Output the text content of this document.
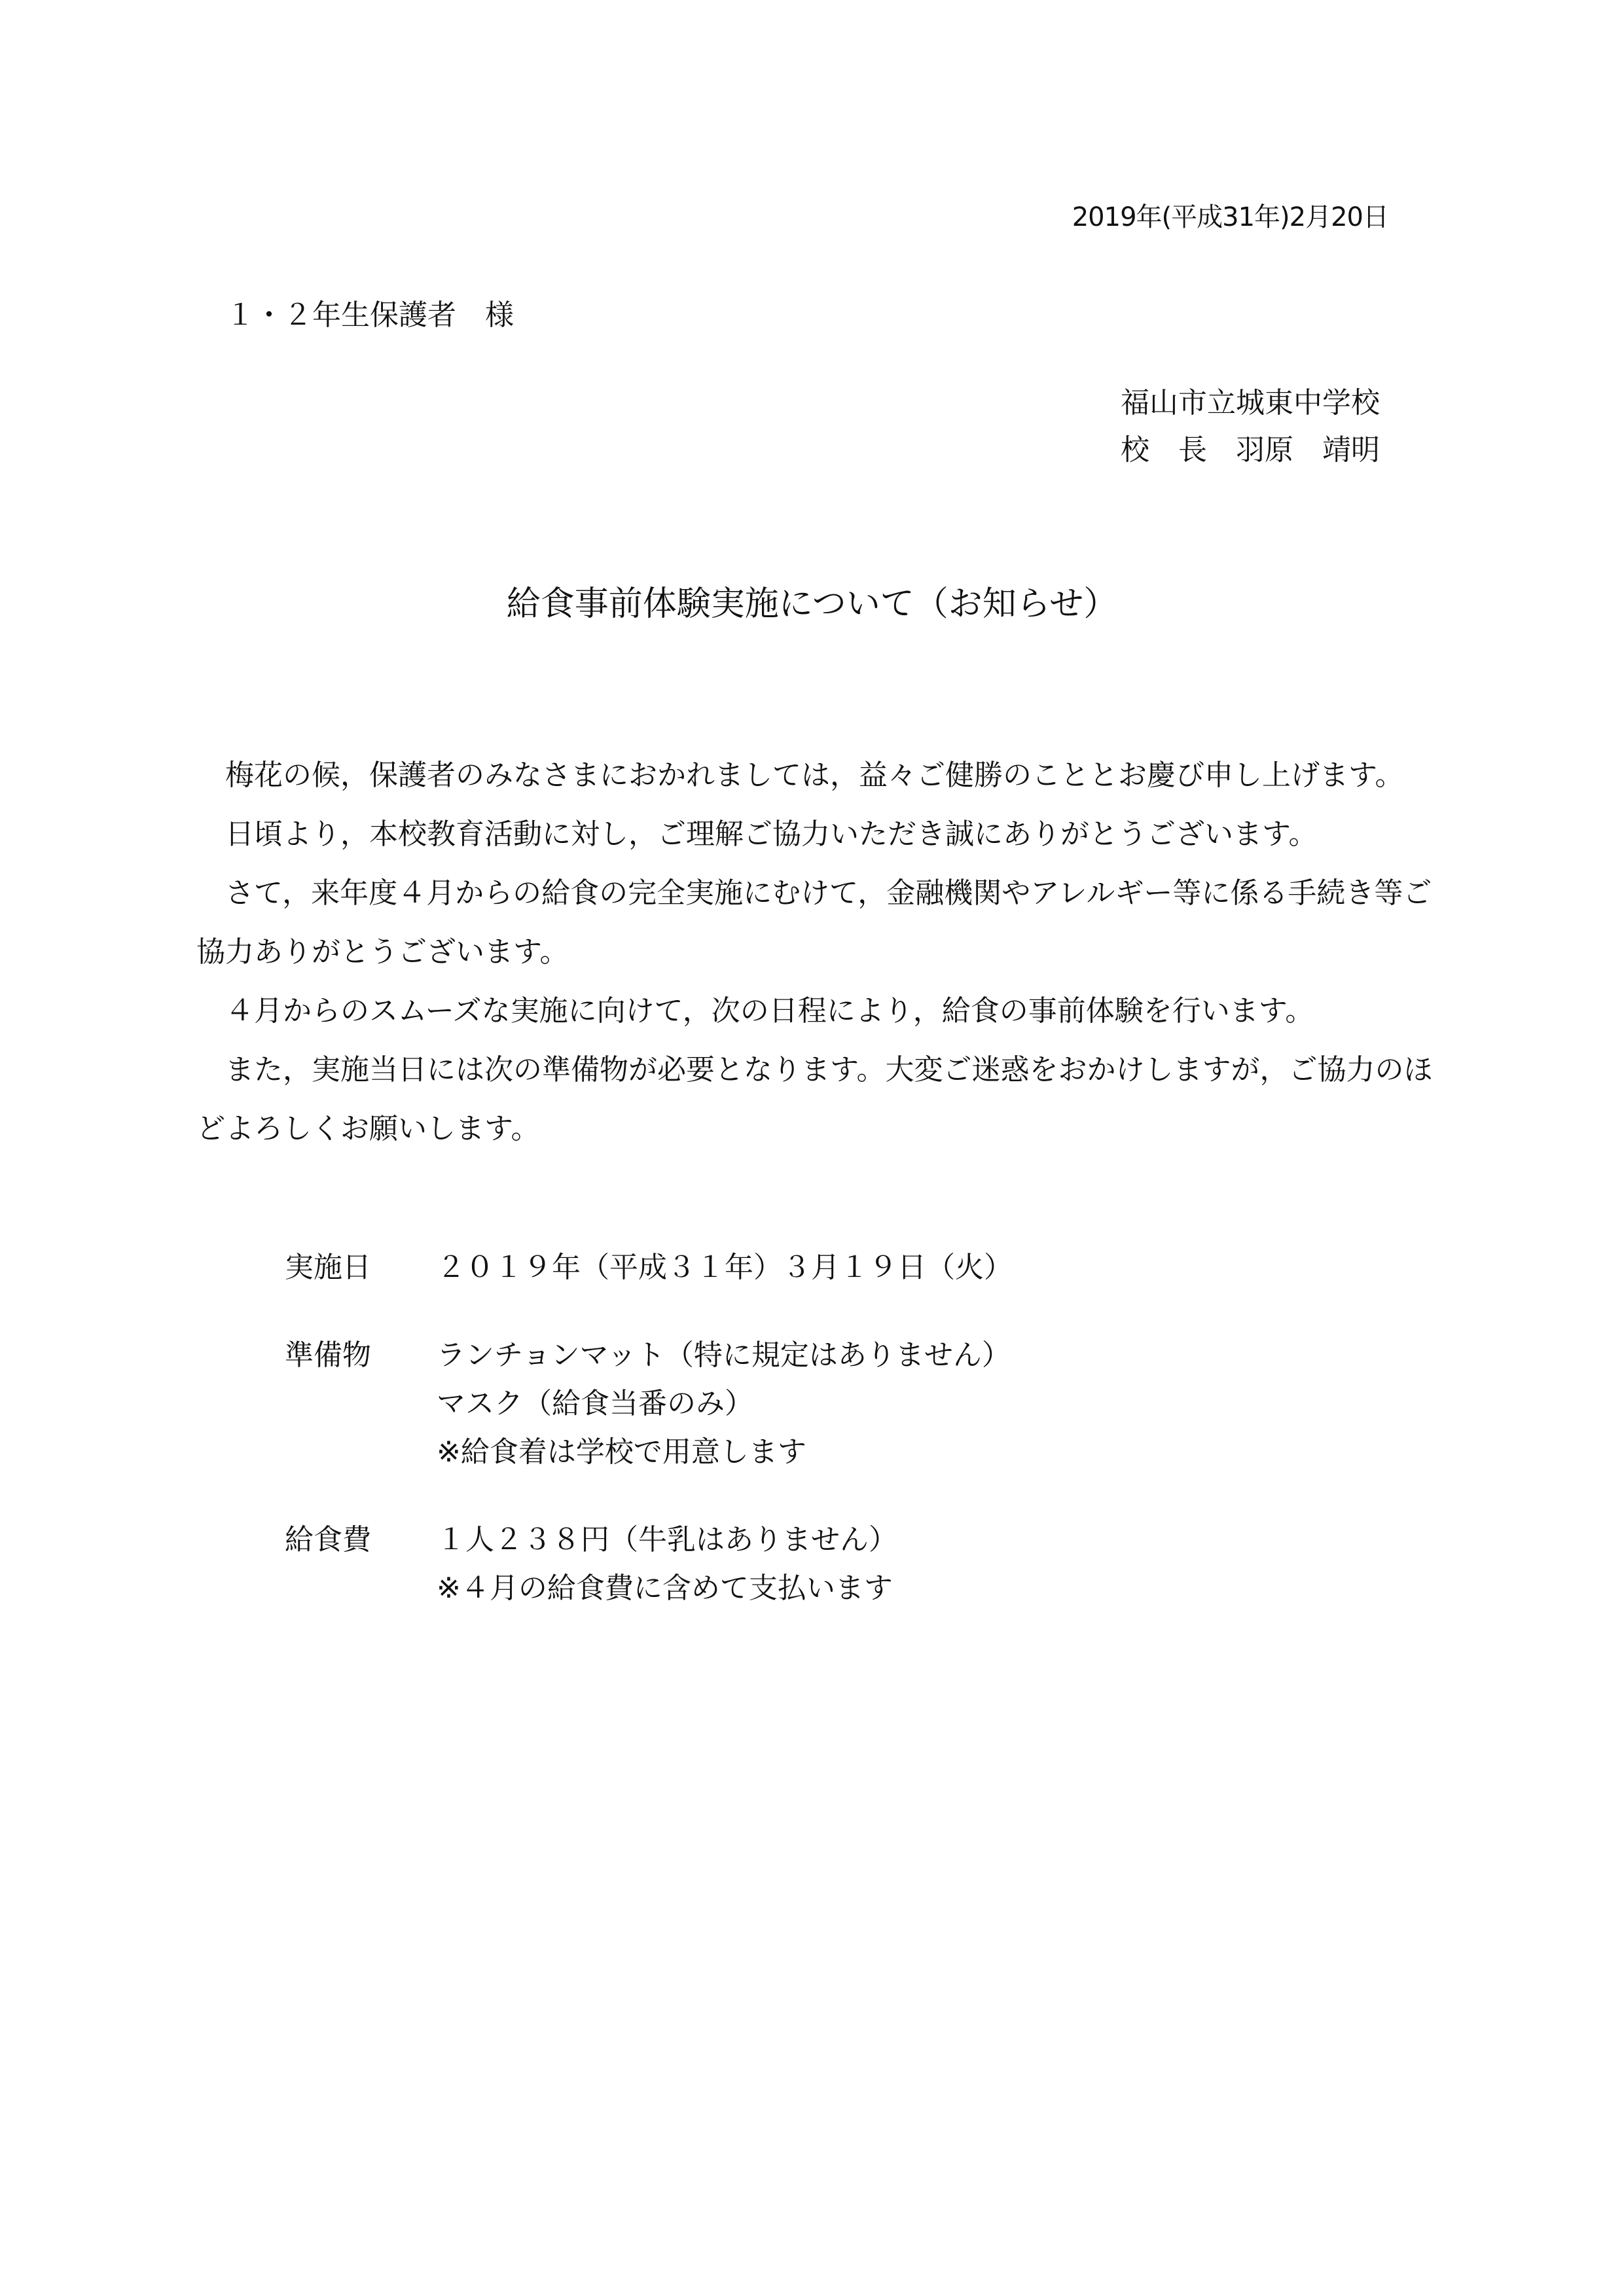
2019年(平成31年)2月20日
１・２年生保護者　様
福山市立城東中学校
校　長　羽原　靖明
給食事前体験実施について（お知らせ）

梅花の候，保護者のみなさまにおかれましては，益々ご健勝のこととお慶び申し上げます。

日頃より，本校教育活動に対し，ご理解ご協力いただき誠にありがとうございます。

さて，来年度４月からの給食の完全実施にむけて，金融機関やアレルギー等に係る手続き等ご協力ありがとうございます。

４月からのスムーズな実施に向けて，次の日程により，給食の事前体験を行います。

また，実施当日には次の準備物が必要となります。大変ご迷惑をおかけしますが，ご協力のほどよろしくお願いします。

実施日	２０１９年（平成３１年）３月１９日（火）
準備物	ランチョンマット（特に規定はありません）
マスク（給食当番のみ）
※給食着は学校で用意します
給食費	１人２３８円（牛乳はありません）
※４月の給食費に含めて支払います
